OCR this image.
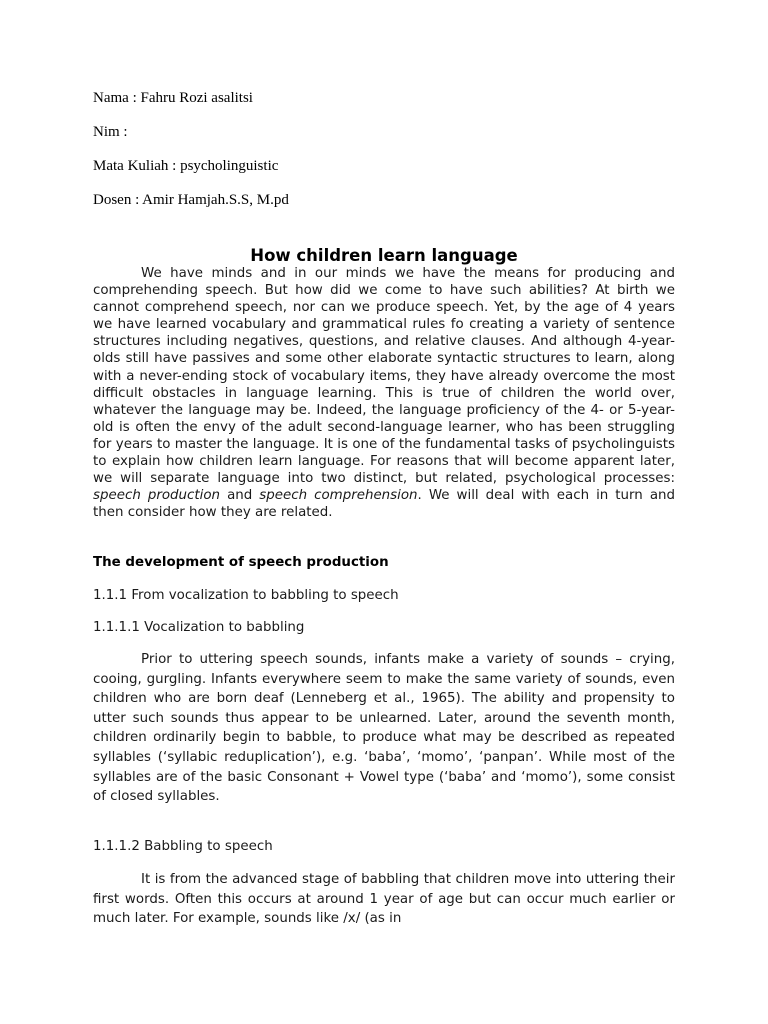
Nama : Fahru Rozi asalitsi
Nim :
Mata Kuliah : psycholinguistic
Dosen : Amir Hamjah.S.S, M.pd
How children learn language
We have minds and in our minds we have the means for producing and comprehending speech. But how did we come to have such abilities? At birth we cannot comprehend speech, nor can we produce speech. Yet, by the age of 4 years we have learned vocabulary and grammatical rules fo creating a variety of sentence structures including negatives, questions, and relative clauses. And although 4-year-olds still have passives and some other elaborate syntactic structures to learn, along with a never-ending stock of vocabulary items, they have already overcome the most difficult obstacles in language learning. This is true of children the world over, whatever the language may be. Indeed, the language proficiency of the 4- or 5-year-old is often the envy of the adult second-language learner, who has been struggling for years to master the language. It is one of the fundamental tasks of psycholinguists to explain how children learn language. For reasons that will become apparent later, we will separate language into two distinct, but related, psychological processes: speech production and speech comprehension. We will deal with each in turn and then consider how they are related.
The development of speech production
1.1.1 From vocalization to babbling to speech
1.1.1.1 Vocalization to babbling
Prior to uttering speech sounds, infants make a variety of sounds – crying, cooing, gurgling. Infants everywhere seem to make the same variety of sounds, even children who are born deaf (Lenneberg et al., 1965). The ability and propensity to utter such sounds thus appear to be unlearned. Later, around the seventh month, children ordinarily begin to babble, to produce what may be described as repeated syllables (‘syllabic reduplication’), e.g. ‘baba’, ‘momo’, ‘panpan’. While most of the syllables are of the basic Consonant + Vowel type (‘baba’ and ‘momo’), some consist of closed syllables.
1.1.1.2 Babbling to speech
It is from the advanced stage of babbling that children move into uttering their first words. Often this occurs at around 1 year of age but can occur much earlier or much later. For example, sounds like /x/ (as in
